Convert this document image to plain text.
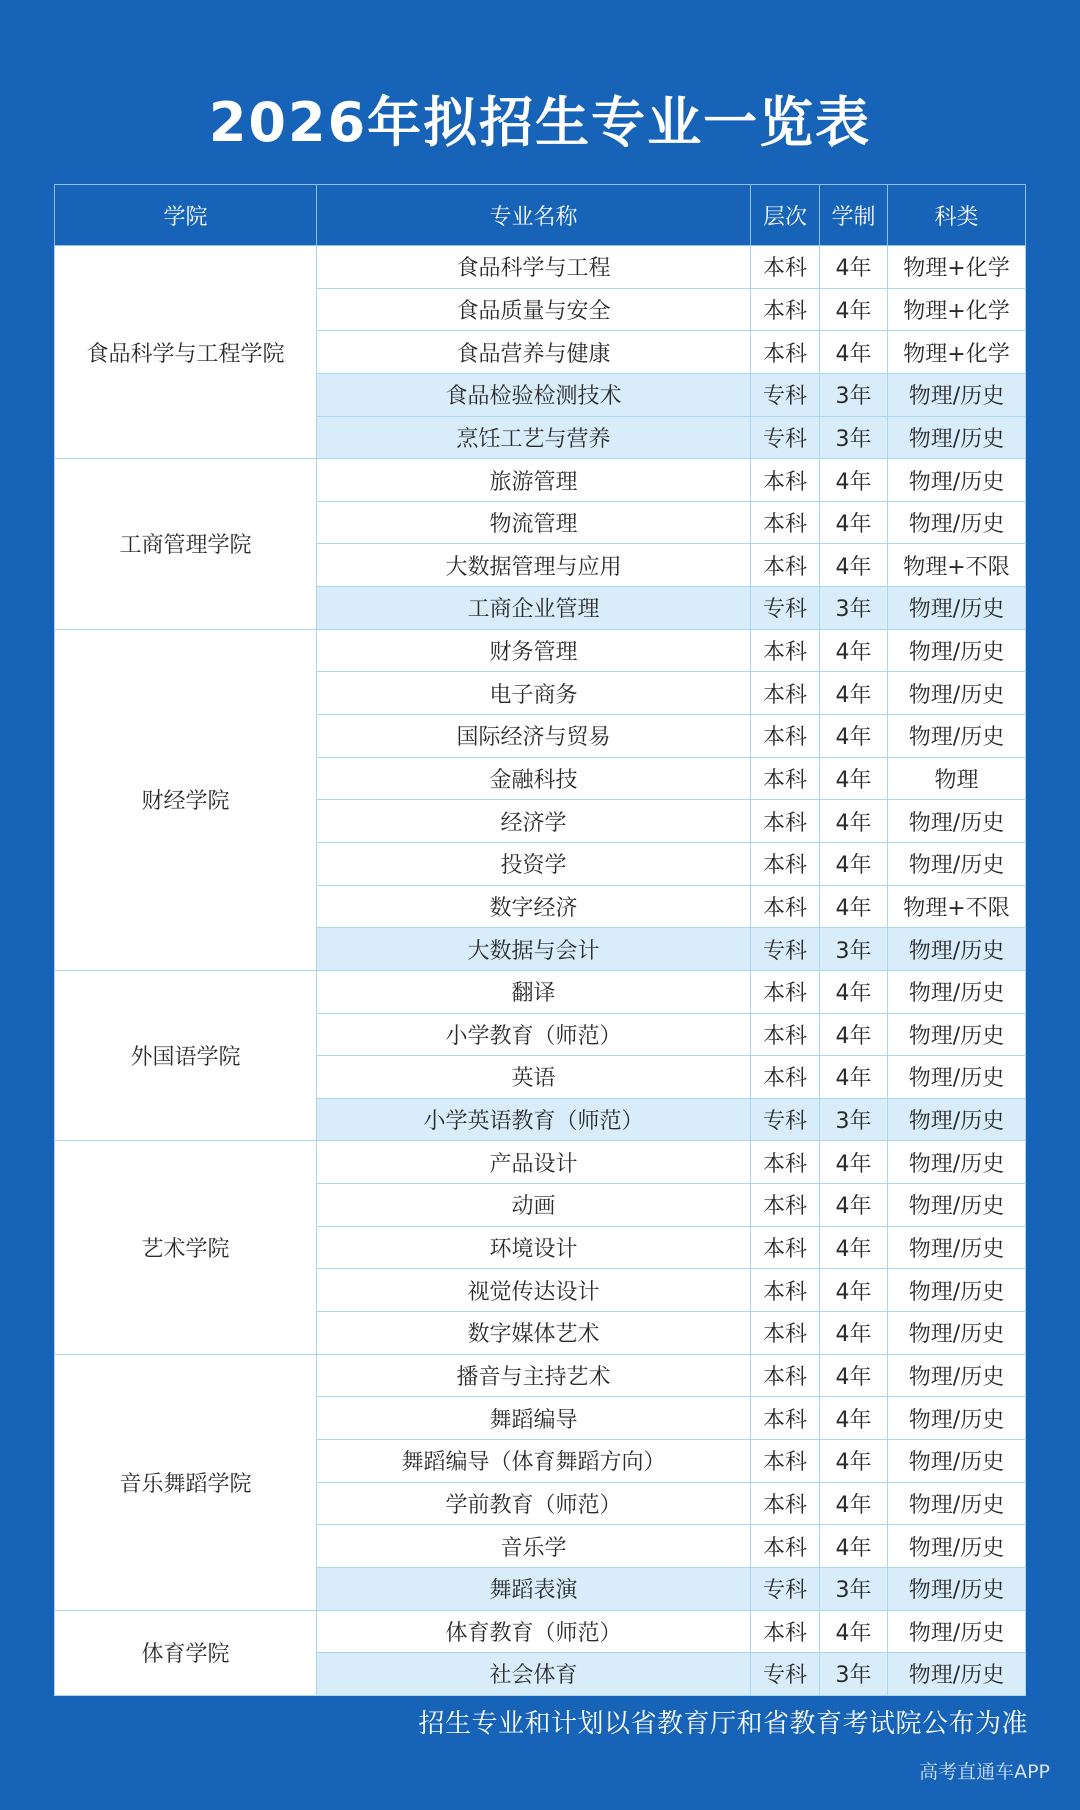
2026年拟招生专业一览表
学院	专业名称	层次	学制	科类
食品科学与工程学院	食品科学与工程	本科	4年	物理+化学
	食品质量与安全	本科	4年	物理+化学
	食品营养与健康	本科	4年	物理+化学
	食品检验检测技术	专科	3年	物理/历史
	烹饪工艺与营养	专科	3年	物理/历史
工商管理学院	旅游管理	本科	4年	物理/历史
	物流管理	本科	4年	物理/历史
	大数据管理与应用	本科	4年	物理+不限
	工商企业管理	专科	3年	物理/历史
财经学院	财务管理	本科	4年	物理/历史
	电子商务	本科	4年	物理/历史
	国际经济与贸易	本科	4年	物理/历史
	金融科技	本科	4年	物理
	经济学	本科	4年	物理/历史
	投资学	本科	4年	物理/历史
	数字经济	本科	4年	物理+不限
	大数据与会计	专科	3年	物理/历史
外国语学院	翻译	本科	4年	物理/历史
	小学教育（师范）	本科	4年	物理/历史
	英语	本科	4年	物理/历史
	小学英语教育（师范）	专科	3年	物理/历史
艺术学院	产品设计	本科	4年	物理/历史
	动画	本科	4年	物理/历史
	环境设计	本科	4年	物理/历史
	视觉传达设计	本科	4年	物理/历史
	数字媒体艺术	本科	4年	物理/历史
音乐舞蹈学院	播音与主持艺术	本科	4年	物理/历史
	舞蹈编导	本科	4年	物理/历史
	舞蹈编导（体育舞蹈方向）	本科	4年	物理/历史
	学前教育（师范）	本科	4年	物理/历史
	音乐学	本科	4年	物理/历史
	舞蹈表演	专科	3年	物理/历史
体育学院	体育教育（师范）	本科	4年	物理/历史
	社会体育	专科	3年	物理/历史
招生专业和计划以省教育厅和省教育考试院公布为准
高考直通车APP
